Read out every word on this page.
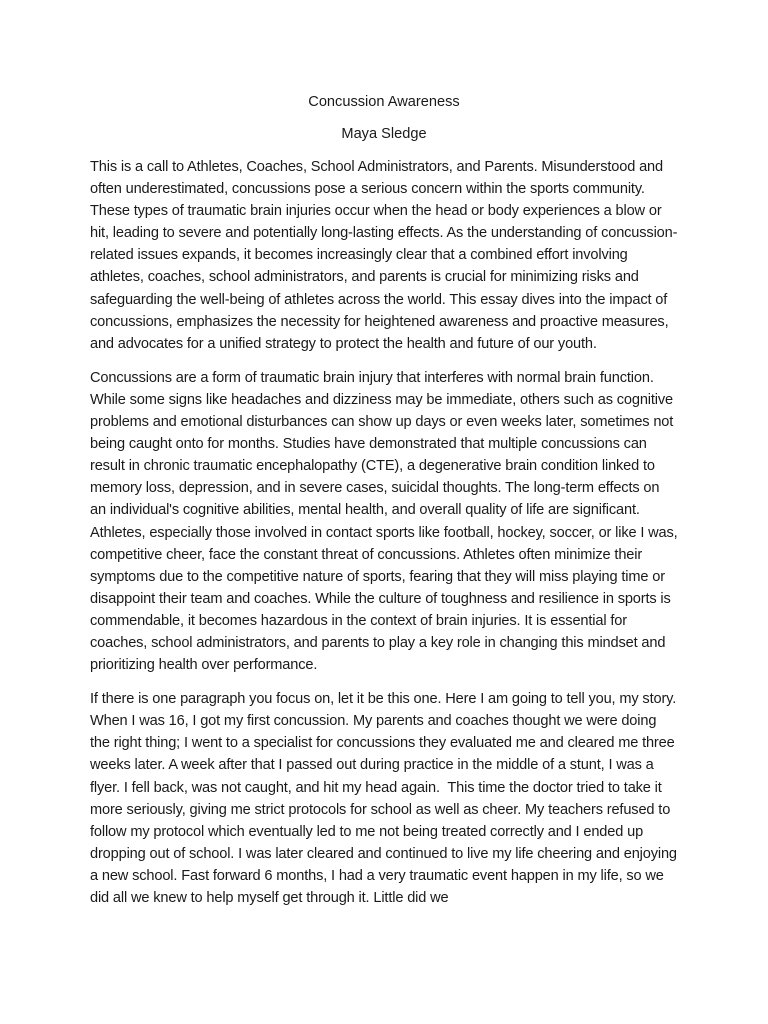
Concussion Awareness

Maya Sledge

This is a call to Athletes, Coaches, School Administrators, and Parents. Misunderstood and often underestimated, concussions pose a serious concern within the sports community. These types of traumatic brain injuries occur when the head or body experiences a blow or hit, leading to severe and potentially long-lasting effects. As the understanding of concussion-related issues expands, it becomes increasingly clear that a combined effort involving athletes, coaches, school administrators, and parents is crucial for minimizing risks and safeguarding the well-being of athletes across the world. This essay dives into the impact of concussions, emphasizes the necessity for heightened awareness and proactive measures, and advocates for a unified strategy to protect the health and future of our youth.

Concussions are a form of traumatic brain injury that interferes with normal brain function. While some signs like headaches and dizziness may be immediate, others such as cognitive problems and emotional disturbances can show up days or even weeks later, sometimes not being caught onto for months. Studies have demonstrated that multiple concussions can result in chronic traumatic encephalopathy (CTE), a degenerative brain condition linked to memory loss, depression, and in severe cases, suicidal thoughts. The long-term effects on an individual's cognitive abilities, mental health, and overall quality of life are significant. Athletes, especially those involved in contact sports like football, hockey, soccer, or like I was, competitive cheer, face the constant threat of concussions. Athletes often minimize their symptoms due to the competitive nature of sports, fearing that they will miss playing time or disappoint their team and coaches. While the culture of toughness and resilience in sports is commendable, it becomes hazardous in the context of brain injuries. It is essential for coaches, school administrators, and parents to play a key role in changing this mindset and prioritizing health over performance.

If there is one paragraph you focus on, let it be this one. Here I am going to tell you, my story. When I was 16, I got my first concussion. My parents and coaches thought we were doing the right thing; I went to a specialist for concussions they evaluated me and cleared me three weeks later. A week after that I passed out during practice in the middle of a stunt, I was a flyer. I fell back, was not caught, and hit my head again.  This time the doctor tried to take it more seriously, giving me strict protocols for school as well as cheer. My teachers refused to follow my protocol which eventually led to me not being treated correctly and I ended up dropping out of school. I was later cleared and continued to live my life cheering and enjoying a new school. Fast forward 6 months, I had a very traumatic event happen in my life, so we did all we knew to help myself get through it. Little did we
